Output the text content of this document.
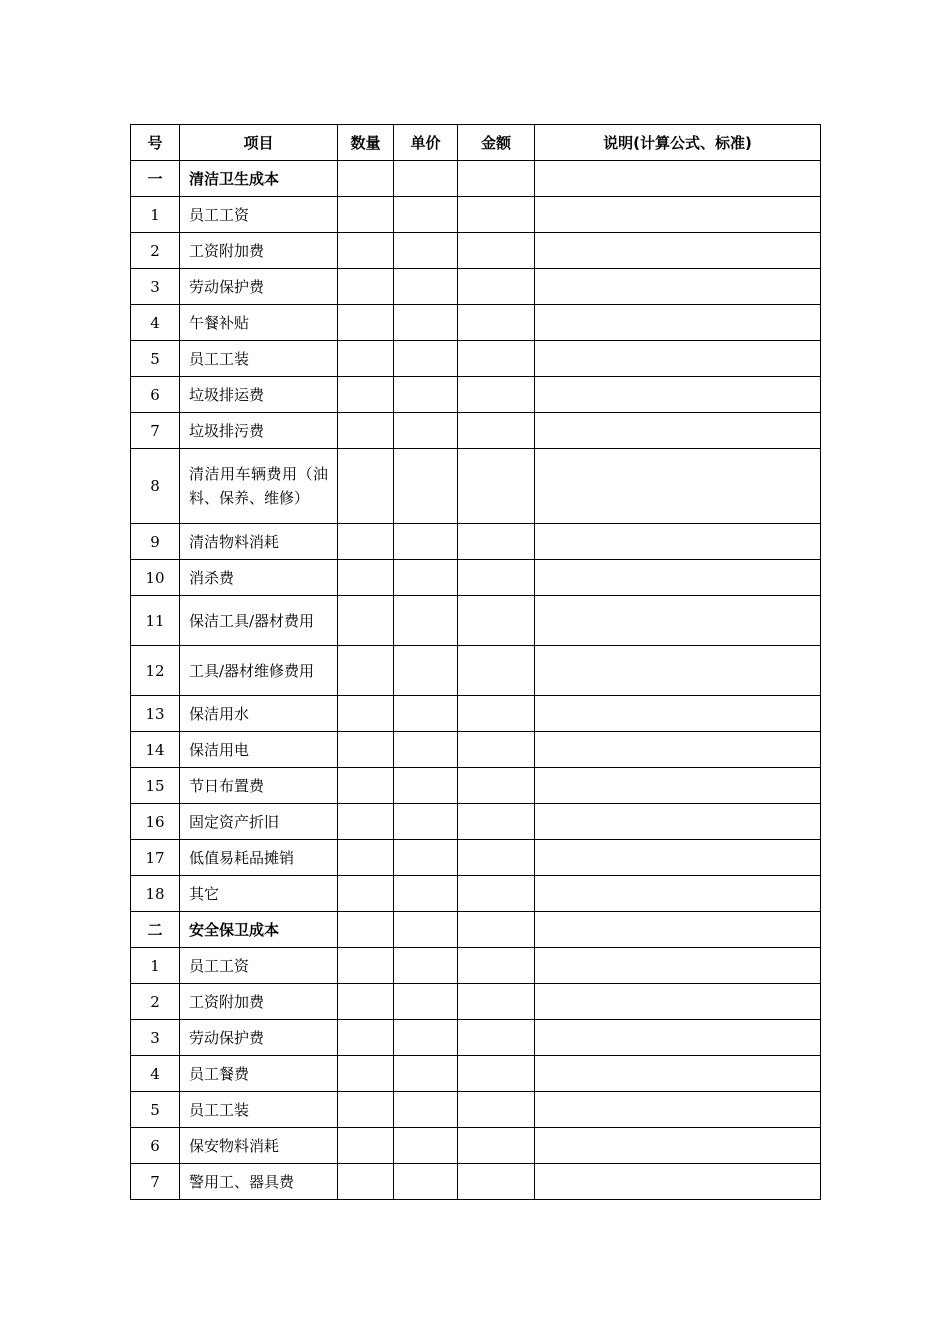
号	项目	数量	单价	金额	说明(计算公式、标准)
一	清洁卫生成本				
1	员工工资				
2	工资附加费				
3	劳动保护费				
4	午餐补贴				
5	员工工装				
6	垃圾排运费				
7	垃圾排污费				
8	清洁用车辆费用（油料、保养、维修）				
9	清洁物料消耗				
10	消杀费				
11	保洁工具/器材费用				
12	工具/器材维修费用				
13	保洁用水				
14	保洁用电				
15	节日布置费				
16	固定资产折旧				
17	低值易耗品摊销				
18	其它				
二	安全保卫成本				
1	员工工资				
2	工资附加费				
3	劳动保护费				
4	员工餐费				
5	员工工装				
6	保安物料消耗				
7	警用工、器具费				
